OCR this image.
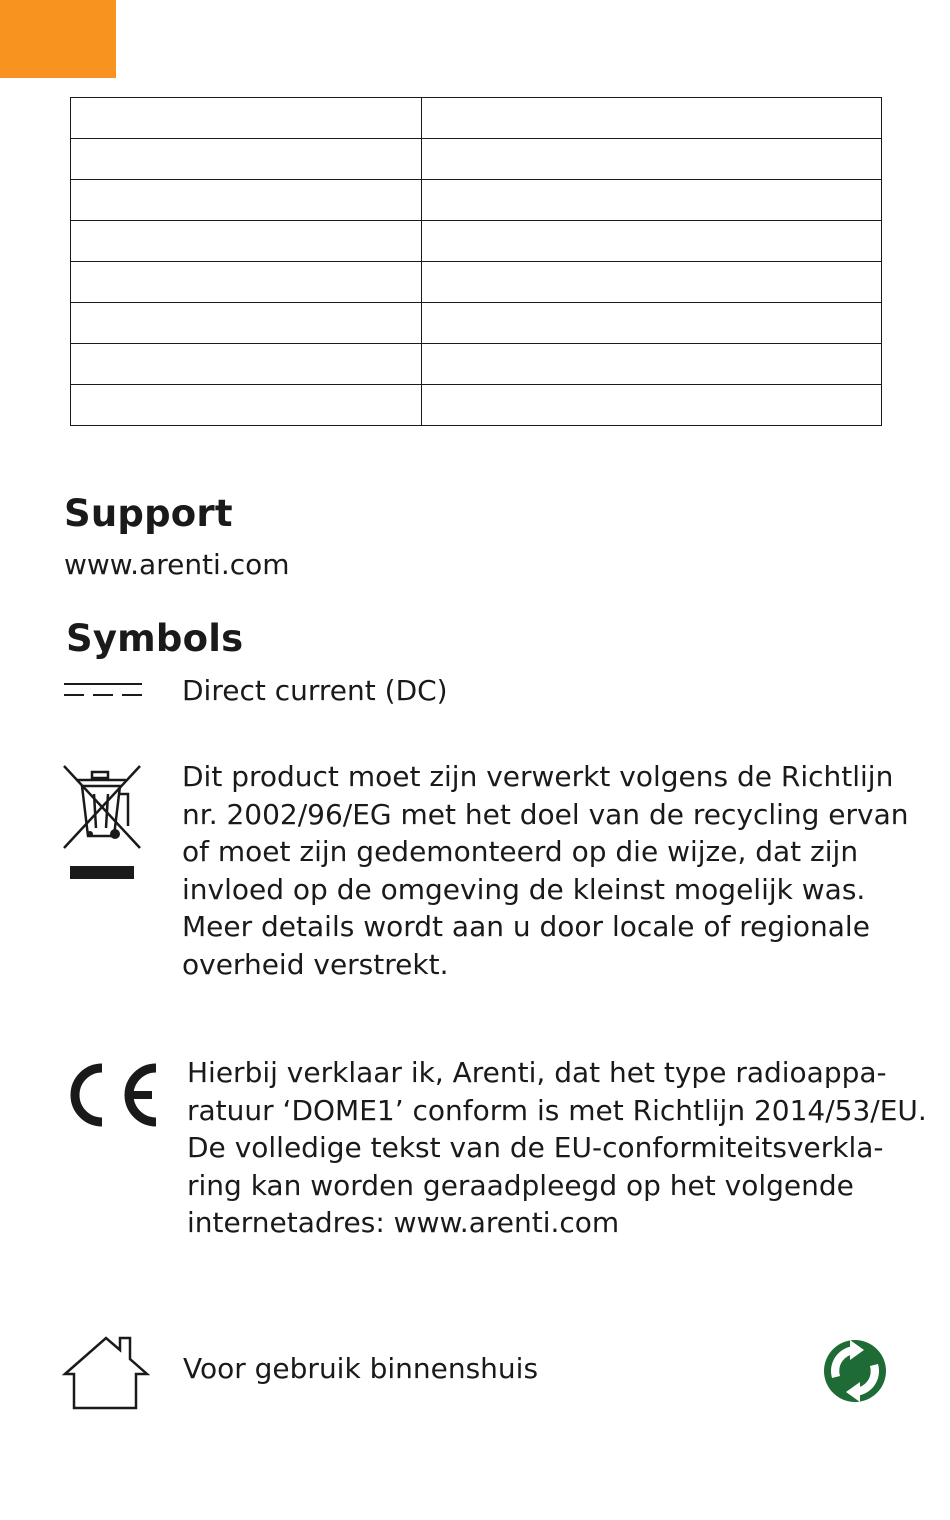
Support
www.arenti.com
Symbols
Direct current (DC)

Dit product moet zijn verwerkt volgens de Richtlijn nr. 2002/96/EG met het doel van de recycling ervan of moet zijn gedemonteerd op die wijze, dat zijn invloed op de omgeving de kleinst mogelijk was. Meer details wordt aan u door locale of regionale overheid verstrekt.

Hierbij verklaar ik, Arenti, dat het type radioappa-ratuur ‘DOME1’ conform is met Richtlijn 2014/53/EU.

De volledige tekst van de EU-conformiteitsverkla-ring kan worden geraadpleegd op het volgende internetadres: www.arenti.com

Voor gebruik binnenshuis
